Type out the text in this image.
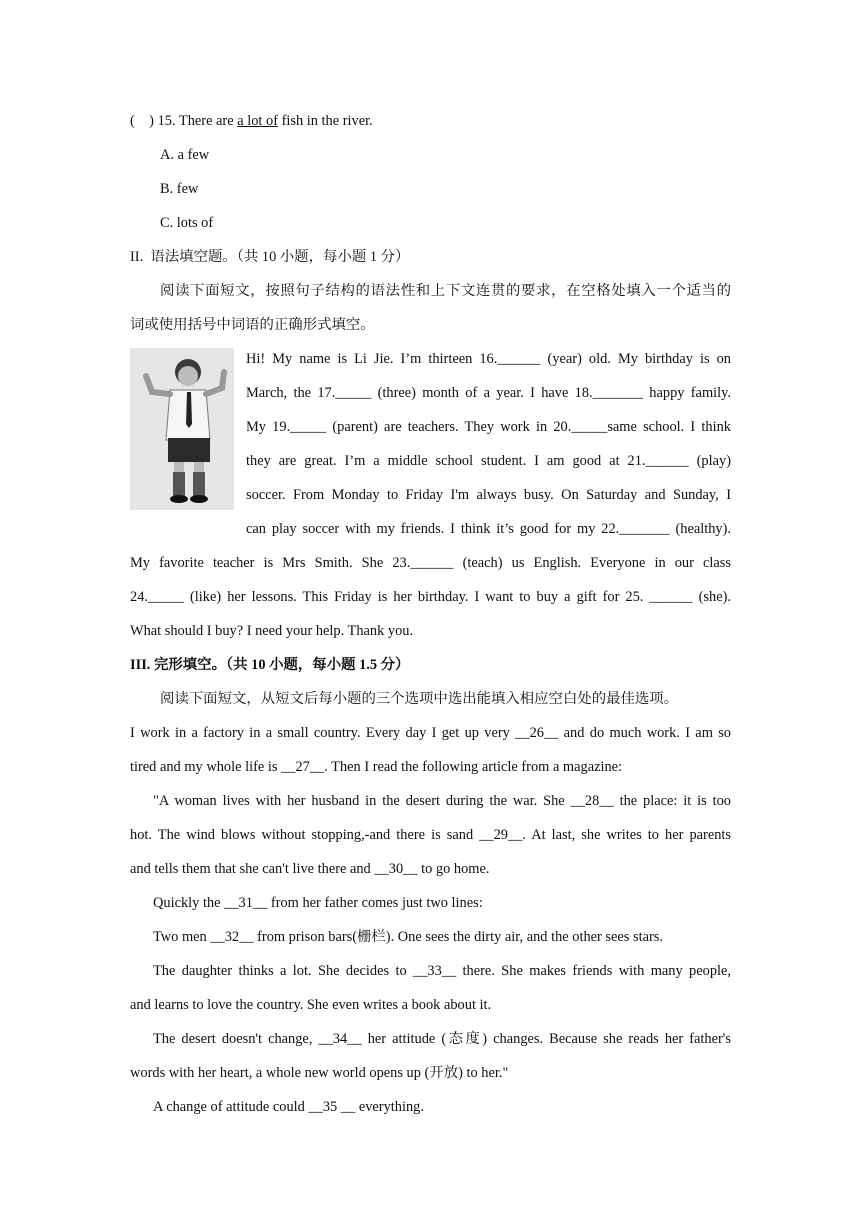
(    ) 15. There are a lot of fish in the river.
A. a few
B. few
C. lots of
II.  语法填空题。（共 10 小题，每小题 1 分）
阅读下面短文，按照句子结构的语法性和上下文连贯的要求，在空格处填入一个适当的
词或使用括号中词语的正确形式填空。
Hi! My name is Li Jie. I’m thirteen 16.______ (year) old. My birthday is on
March, the 17._____ (three) month of a year. I have 18._______ happy family.
My 19._____ (parent) are teachers. They work in 20._____same school. I think
they are great. I’m a middle school student. I am good at 21.______ (play)
soccer. From Monday to Friday I'm always busy. On Saturday and Sunday, I
can play soccer with my friends. I think it’s good for my 22._______ (healthy).
My favorite teacher is Mrs Smith. She 23.______ (teach) us English. Everyone in our class
24._____ (like) her lessons. This Friday is her birthday. I want to buy a gift for 25. ______ (she).
What should I buy? I need your help. Thank you.
III. 完形填空。（共 10 小题，每小题 1.5 分）
阅读下面短文，从短文后每小题的三个选项中选出能填入相应空白处的最佳选项。
I work in a factory in a small country. Every day I get up very __26__ and do much work. I am so
tired and my whole life is __27__. Then I read the following article from a magazine:
"A woman lives with her husband in the desert during the war. She __28__ the place: it is too
hot. The wind blows without stopping,-and there is sand __29__. At last, she writes to her parents
and tells them that she can't live there and __30__ to go home.
Quickly the __31__ from her father comes just two lines:
Two men __32__ from prison bars(栅栏). One sees the dirty air, and the other sees stars.
The daughter thinks a lot. She decides to __33__ there. She makes friends with many people,
and learns to love the country. She even writes a book about it.
The desert doesn't change, __34__ her attitude (态度) changes. Because she reads her father's
words with her heart, a whole new world opens up (开放) to her."
A change of attitude could __35 __ everything.
